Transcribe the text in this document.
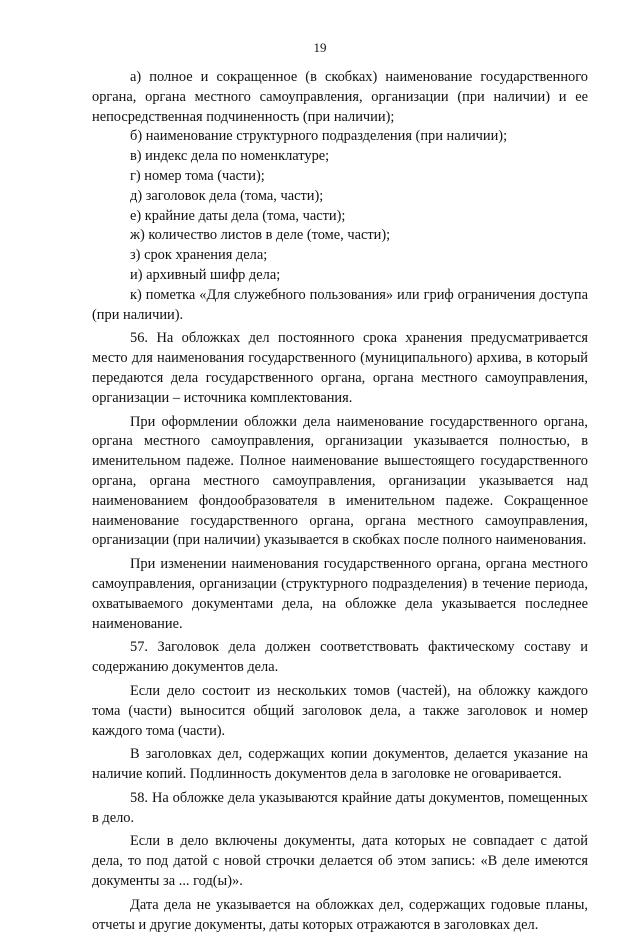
19

а) полное и сокращенное (в скобках) наименование государственного органа, органа местного самоуправления, организации (при наличии) и ее непосредственная подчиненность (при наличии);

б) наименование структурного подразделения (при наличии);

в) индекс дела по номенклатуре;

г) номер тома (части);

д) заголовок дела (тома, части);

е) крайние даты дела (тома, части);

ж) количество листов в деле (томе, части);

з) срок хранения дела;

и) архивный шифр дела;

к) пометка «Для служебного пользования» или гриф ограничения доступа (при наличии).

56. На обложках дел постоянного срока хранения предусматривается место для наименования государственного (муниципального) архива, в который передаются дела государственного органа, органа местного самоуправления, организации – источника комплектования.

При оформлении обложки дела наименование государственного органа, органа местного самоуправления, организации указывается полностью, в именительном падеже. Полное наименование вышестоящего государственного органа, органа местного самоуправления, организации указывается над наименованием фондообразователя в именительном падеже. Сокращенное наименование государственного органа, органа местного самоуправления, организации (при наличии) указывается в скобках после полного наименования.

При изменении наименования государственного органа, органа местного самоуправления, организации (структурного подразделения) в течение периода, охватываемого документами дела, на обложке дела указывается последнее наименование.

57. Заголовок дела должен соответствовать фактическому составу и содержанию документов дела.

Если дело состоит из нескольких томов (частей), на обложку каждого тома (части) выносится общий заголовок дела, а также заголовок и номер каждого тома (части).

В заголовках дел, содержащих копии документов, делается указание на наличие копий. Подлинность документов дела в заголовке не оговаривается.

58. На обложке дела указываются крайние даты документов, помещенных в дело.

Если в дело включены документы, дата которых не совпадает с датой дела, то под датой с новой строчки делается об этом запись: «В деле имеются документы за ... год(ы)».

Дата дела не указывается на обложках дел, содержащих годовые планы, отчеты и другие документы, даты которых отражаются в заголовках дел.
